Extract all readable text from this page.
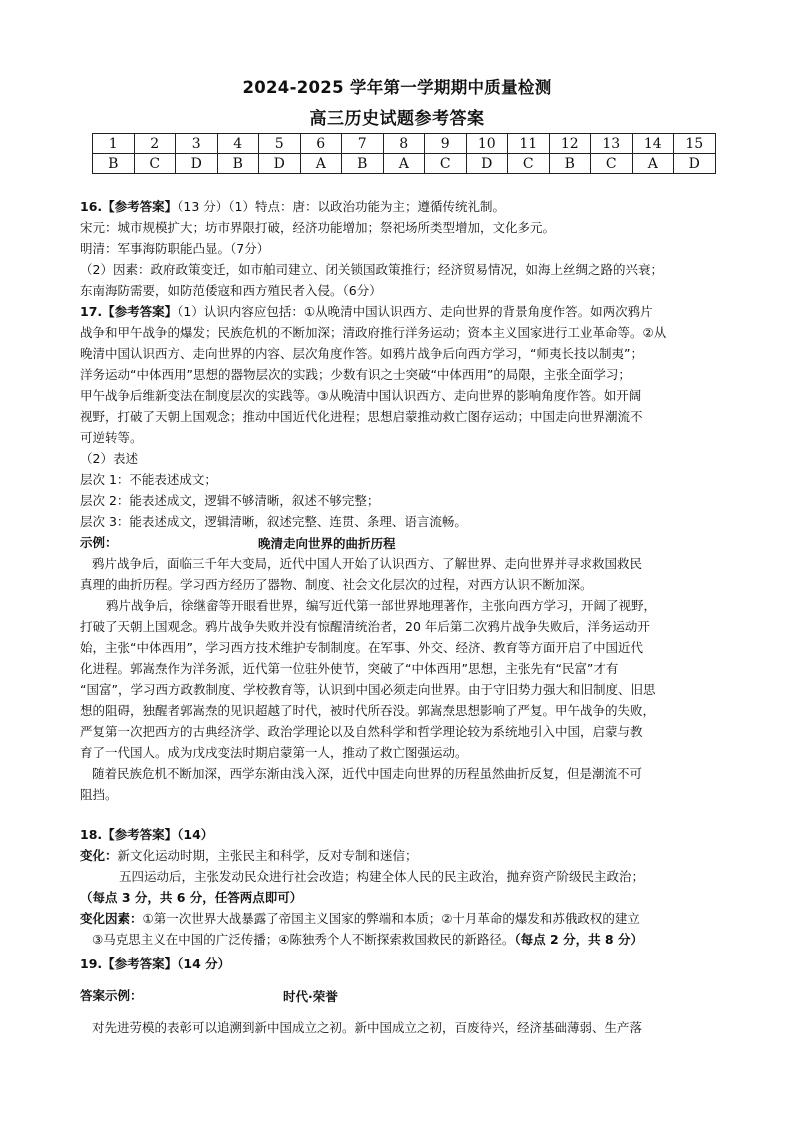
2024-2025 学年第一学期期中质量检测
高三历史试题参考答案
1	2	3	4	5	6	7	8	9	10	11	12	13	14	15
B	C	D	B	D	A	B	A	C	D	C	B	C	A	D
16.【参考答案】（13 分）（1）特点：唐：以政治功能为主；遵循传统礼制。
宋元：城市规模扩大；坊市界限打破，经济功能增加；祭祀场所类型增加，文化多元。
明清：军事海防职能凸显。（7分）
（2）因素：政府政策变迁，如市舶司建立、闭关锁国政策推行；经济贸易情况，如海上丝绸之路的兴衰；
东南海防需要，如防范倭寇和西方殖民者入侵。（6分）
17.【参考答案】（1）认识内容应包括：①从晚清中国认识西方、走向世界的背景角度作答。如两次鸦片
战争和甲午战争的爆发；民族危机的不断加深；清政府推行洋务运动；资本主义国家进行工业革命等。②从
晚清中国认识西方、走向世界的内容、层次角度作答。如鸦片战争后向西方学习，“师夷长技以制夷”；
洋务运动“中体西用”思想的器物层次的实践；少数有识之士突破“中体西用”的局限，主张全面学习；
甲午战争后维新变法在制度层次的实践等。③从晚清中国认识西方、走向世界的影响角度作答。如开阔
视野，打破了天朝上国观念；推动中国近代化进程；思想启蒙推动救亡图存运动；中国走向世界潮流不
可逆转等。
（2）表述
层次 1：不能表述成文；
层次 2：能表述成文，逻辑不够清晰，叙述不够完整；
层次 3：能表述成文，逻辑清晰，叙述完整、连贯、条理、语言流畅。
示例：	晚清走向世界的曲折历程
鸦片战争后，面临三千年大变局，近代中国人开始了认识西方、了解世界、走向世界并寻求救国救民
真理的曲折历程。学习西方经历了器物、制度、社会文化层次的过程，对西方认识不断加深。
鸦片战争后，徐继畲等开眼看世界，编写近代第一部世界地理著作，主张向西方学习，开阔了视野，
打破了天朝上国观念。鸦片战争失败并没有惊醒清统治者，20 年后第二次鸦片战争失败后，洋务运动开
始，主张“中体西用”，学习西方技术维护专制制度。在军事、外交、经济、教育等方面开启了中国近代
化进程。郭嵩焘作为洋务派，近代第一位驻外使节，突破了“中体西用”思想，主张先有“民富”才有
“国富”，学习西方政教制度、学校教育等，认识到中国必须走向世界。由于守旧势力强大和旧制度、旧思
想的阻碍，独醒者郭嵩焘的见识超越了时代，被时代所吞没。郭嵩焘思想影响了严复。甲午战争的失败，
严复第一次把西方的古典经济学、政治学理论以及自然科学和哲学理论较为系统地引入中国，启蒙与教
育了一代国人。成为戊戌变法时期启蒙第一人，推动了救亡图强运动。
随着民族危机不断加深，西学东渐由浅入深，近代中国走向世界的历程虽然曲折反复，但是潮流不可
阻挡。
18.【参考答案】（14）
变化：新文化运动时期，主张民主和科学，反对专制和迷信；
五四运动后，主张发动民众进行社会改造；构建全体人民的民主政治，抛弃资产阶级民主政治；
（每点 3 分，共 6 分，任答两点即可）
变化因素：①第一次世界大战暴露了帝国主义国家的弊端和本质；②十月革命的爆发和苏俄政权的建立
③马克思主义在中国的广泛传播；④陈独秀个人不断探索救国救民的新路径。（每点 2 分，共 8 分）
19.【参考答案】（14 分）
答案示例：	时代·荣誉
对先进劳模的表彰可以追溯到新中国成立之初。新中国成立之初，百废待兴，经济基础薄弱、生产落
